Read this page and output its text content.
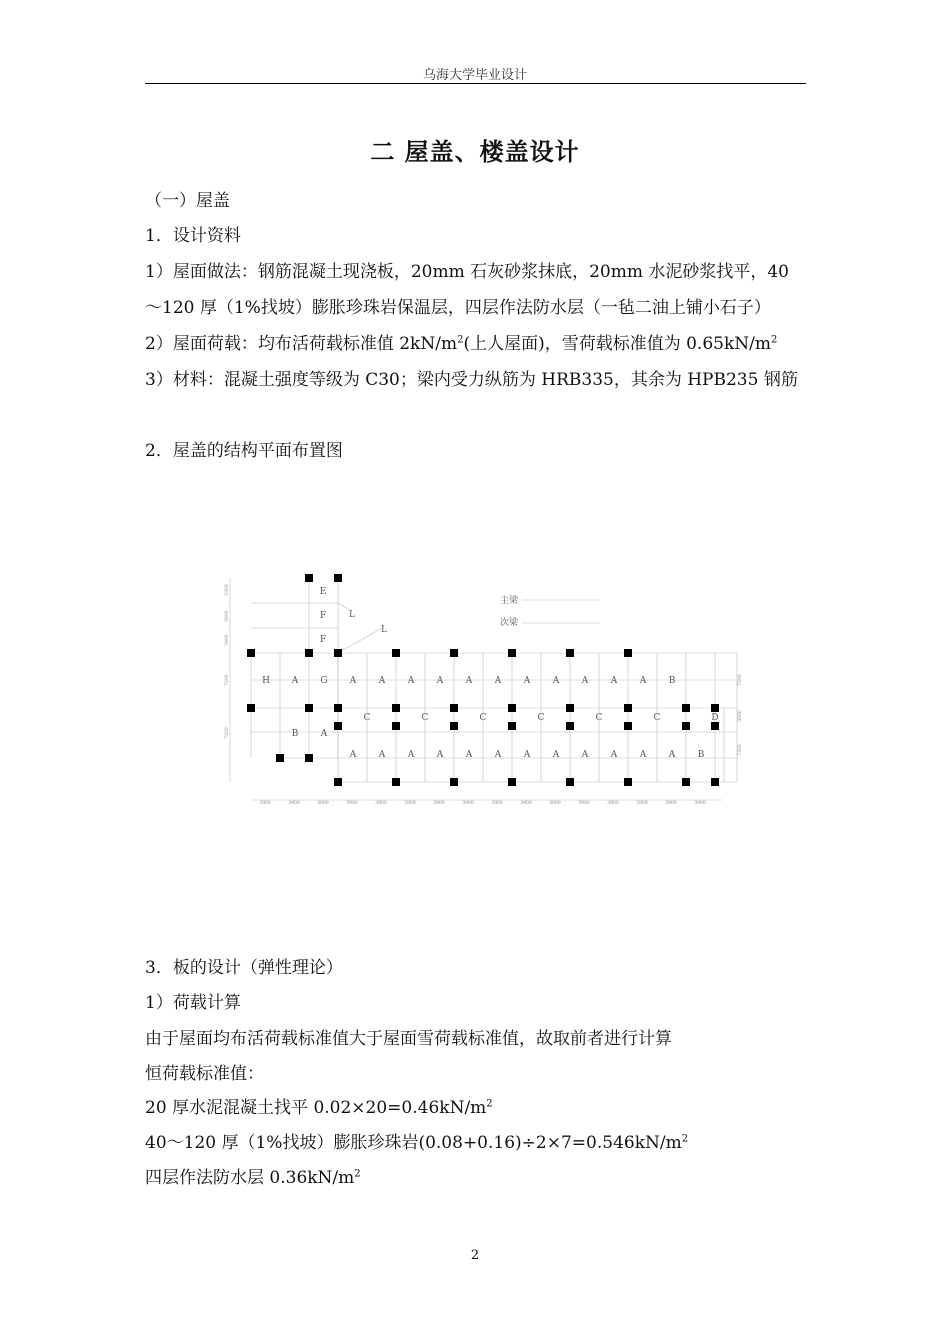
乌海大学毕业设计
二 屋盖、楼盖设计
（一）屋盖
1．设计资料
1）屋面做法：钢筋混凝土现浇板，20mm 石灰砂浆抹底，20mm 水泥砂浆找平，40
～120 厚（1%找坡）膨胀珍珠岩保温层，四层作法防水层（一毡二油上铺小石子）
2）屋面荷载：均布活荷载标准值 $2kN/m^2$(上人屋面)，雪荷载标准值为 $0.65kN/m^2$
3）材料：混凝土强度等级为 C30；梁内受力纵筋为 HRB335，其余为 HPB235 钢筋
2．屋盖的结构平面布置图
主梁
次梁
L
L
E
F
F
H A G A	A	A	A	A	A	A	A	A	A	A B
C	C	C	C	C	C	D
B A
A	A	A	A	A	A	A	A	A	A	A	A B
3900	3900	3900	3900	3900	3900	3900	3900	3900	3900	3900	3900	3900	3900	3900	3900
3300
3600
3400
7200
7200
7200
3000
7200
3．板的设计（弹性理论）
1）荷载计算
由于屋面均布活荷载标准值大于屋面雪荷载标准值，故取前者进行计算
恒荷载标准值：
20 厚水泥混凝土找平 $0.02\times 20=0.46kN/m^2$
40～120 厚（1%找坡）膨胀珍珠岩$(0.08+0.16)\div 2\times 7=0.546kN/m^2$
四层作法防水层 $0.36kN/m^2$
2
